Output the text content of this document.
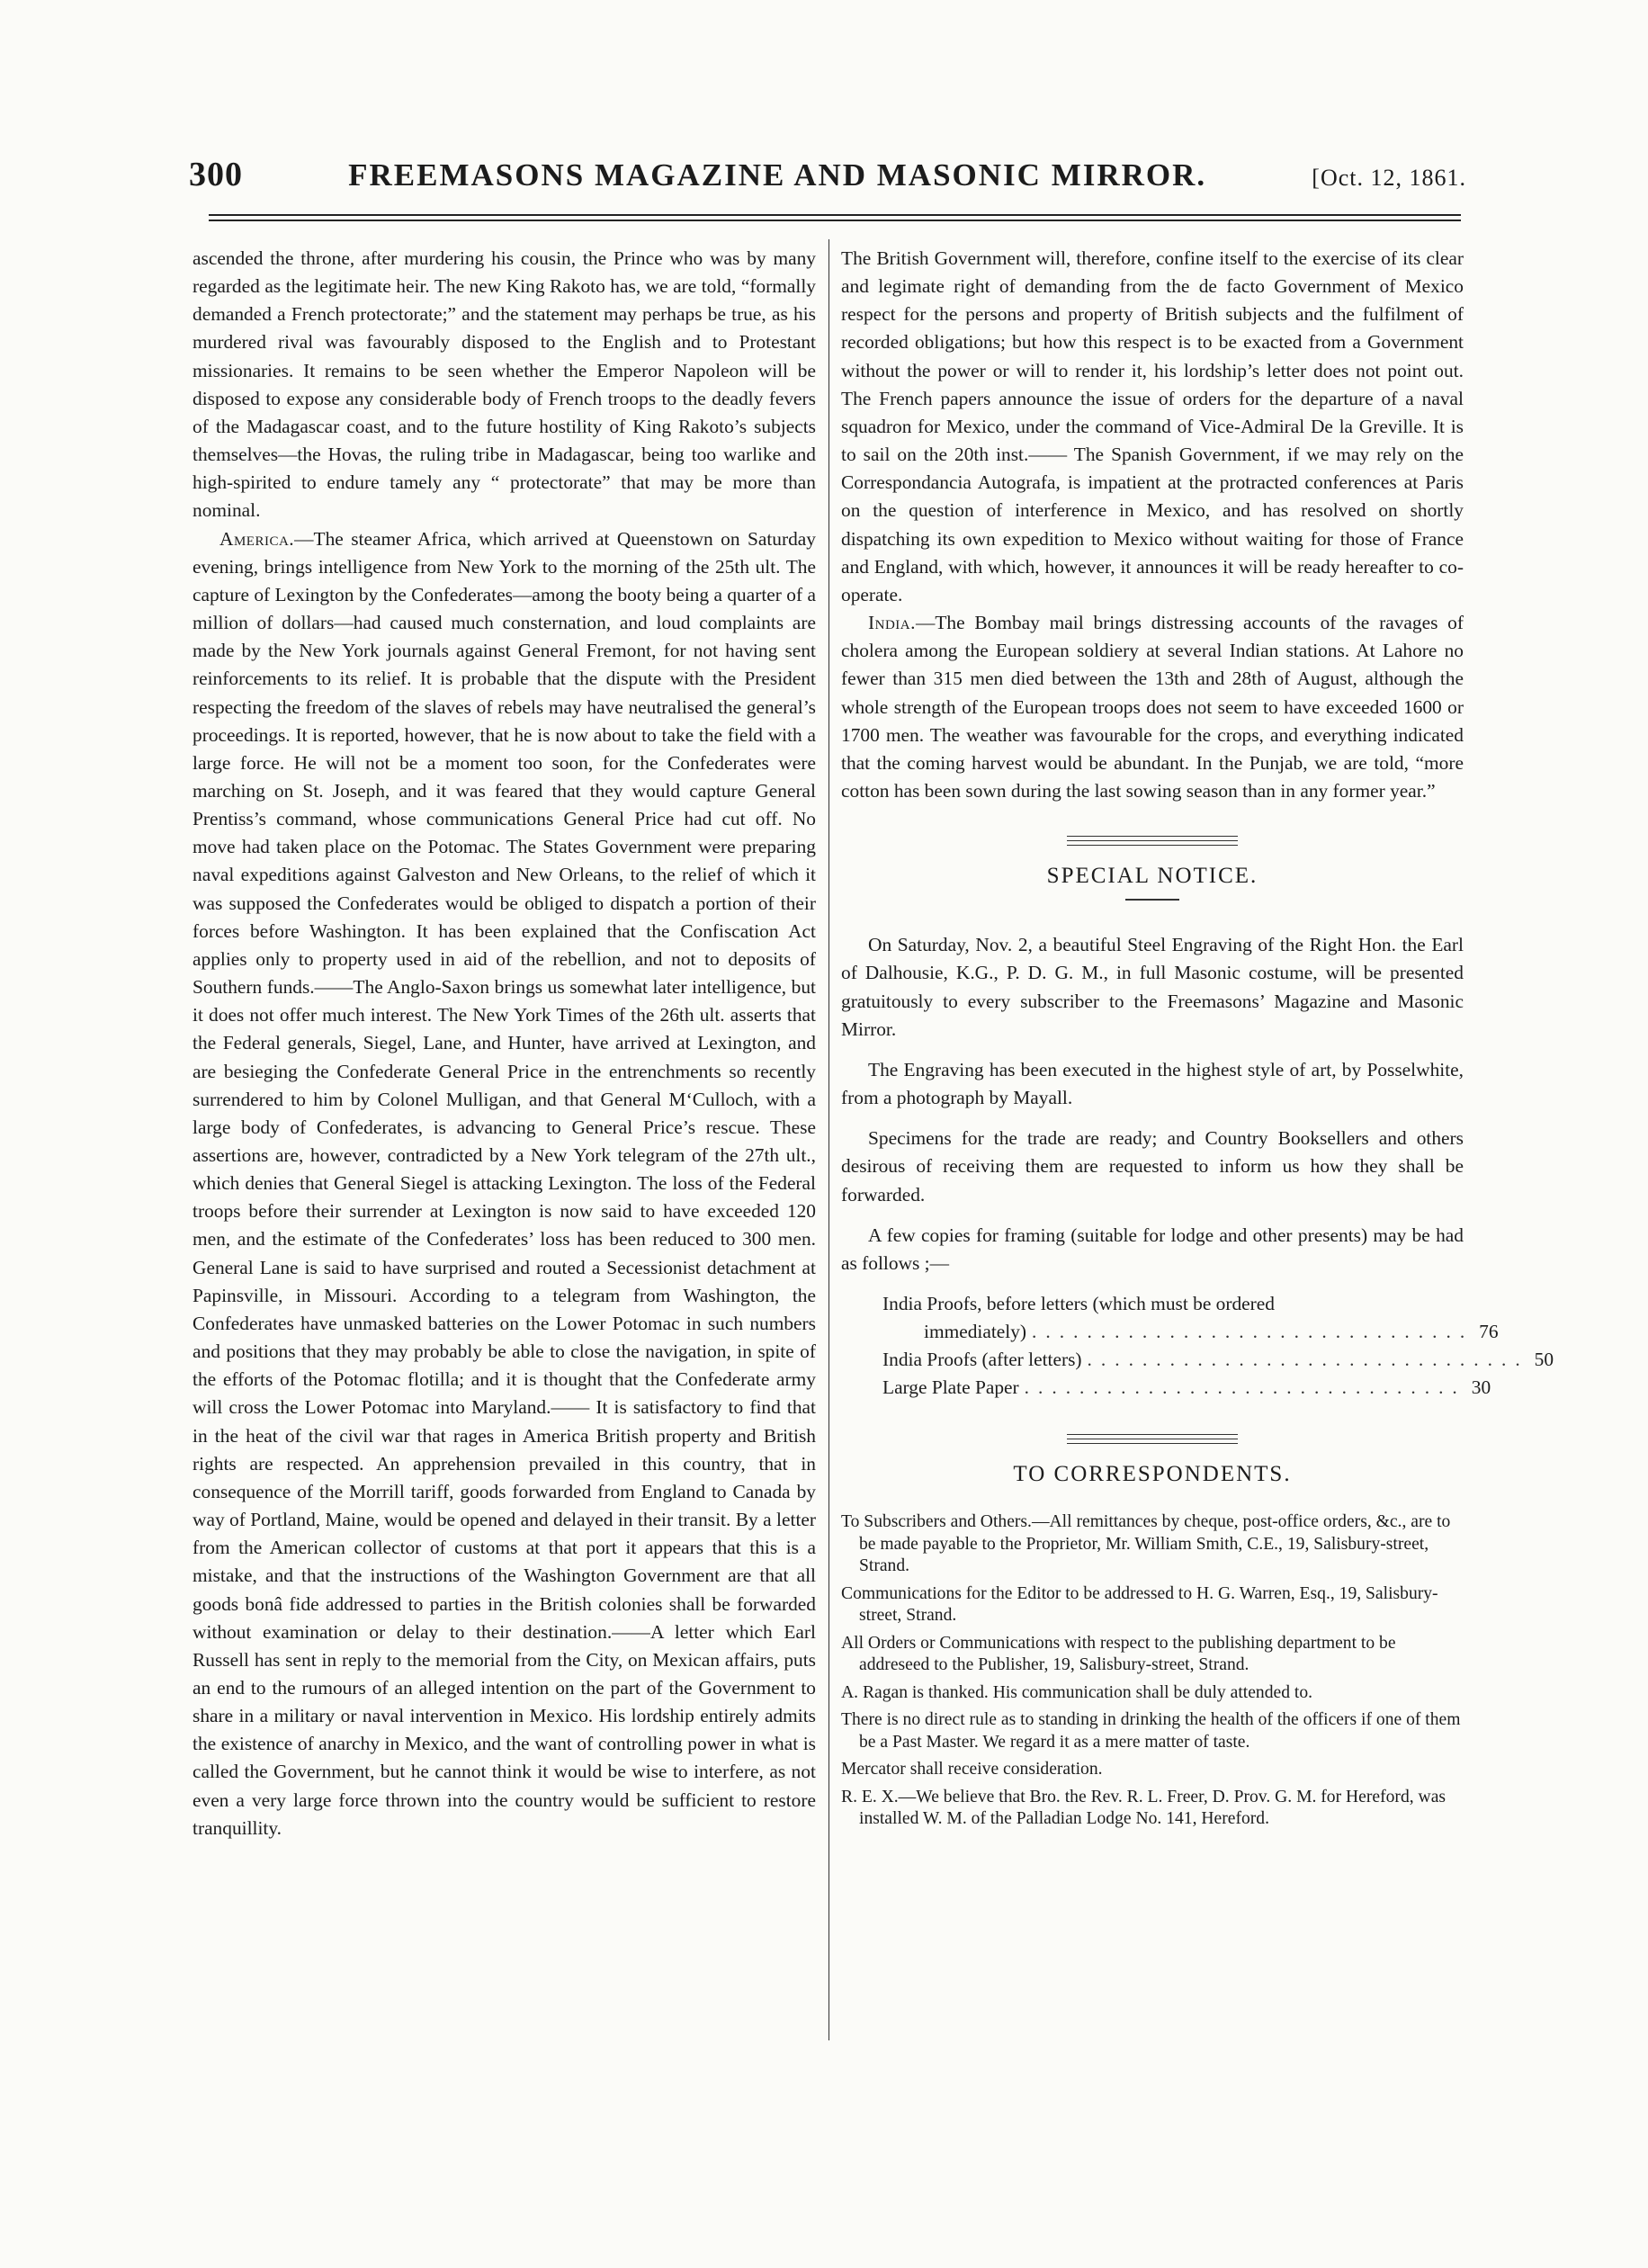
300	FREEMASONS MAGAZINE AND MASONIC MIRROR.	[Oct. 12, 1861.

ascended the throne, after murdering his cousin, the Prince who was by many regarded as the legitimate heir. The new King Rakoto has, we are told, “formally demanded a French protectorate;” and the statement may perhaps be true, as his murdered rival was favourably disposed to the English and to Protestant missionaries. It remains to be seen whether the Emperor Napoleon will be disposed to expose any considerable body of French troops to the deadly fevers of the Madagascar coast, and to the future hostility of King Rakoto’s subjects themselves—the Hovas, the ruling tribe in Madagascar, being too warlike and high-spirited to endure tamely any “ protectorate” that may be more than nominal.

America.—The steamer Africa, which arrived at Queenstown on Saturday evening, brings intelligence from New York to the morning of the 25th ult. The capture of Lexington by the Confederates—among the booty being a quarter of a million of dollars—had caused much consternation, and loud complaints are made by the New York journals against General Fremont, for not having sent reinforcements to its relief. It is probable that the dispute with the President respecting the freedom of the slaves of rebels may have neutralised the general’s proceedings. It is reported, however, that he is now about to take the field with a large force. He will not be a moment too soon, for the Confederates were marching on St. Joseph, and it was feared that they would capture General Prentiss’s command, whose communications General Price had cut off. No move had taken place on the Potomac. The States Government were preparing naval expeditions against Galveston and New Orleans, to the relief of which it was supposed the Confederates would be obliged to dispatch a portion of their forces before Washington. It has been explained that the Confiscation Act applies only to property used in aid of the rebellion, and not to deposits of Southern funds.——The Anglo-Saxon brings us somewhat later intelligence, but it does not offer much interest. The New York Times of the 26th ult. asserts that the Federal generals, Siegel, Lane, and Hunter, have arrived at Lexington, and are besieging the Confederate General Price in the entrenchments so recently surrendered to him by Colonel Mulligan, and that General M‘Culloch, with a large body of Confederates, is advancing to General Price’s rescue. These assertions are, however, contradicted by a New York telegram of the 27th ult., which denies that General Siegel is attacking Lexington. The loss of the Federal troops before their surrender at Lexington is now said to have exceeded 120 men, and the estimate of the Confederates’ loss has been reduced to 300 men. General Lane is said to have surprised and routed a Secessionist detachment at Papinsville, in Missouri. According to a telegram from Washington, the Confederates have unmasked batteries on the Lower Potomac in such numbers and positions that they may probably be able to close the navigation, in spite of the efforts of the Potomac flotilla; and it is thought that the Confederate army will cross the Lower Potomac into Maryland.—— It is satisfactory to find that in the heat of the civil war that rages in America British property and British rights are respected. An apprehension prevailed in this country, that in consequence of the Morrill tariff, goods forwarded from England to Canada by way of Portland, Maine, would be opened and delayed in their transit. By a letter from the American collector of customs at that port it appears that this is a mistake, and that the instructions of the Washington Government are that all goods bonâ fide addressed to parties in the British colonies shall be forwarded without examination or delay to their destination.——A letter which Earl Russell has sent in reply to the memorial from the City, on Mexican affairs, puts an end to the rumours of an alleged intention on the part of the Government to share in a military or naval intervention in Mexico. His lordship entirely admits the existence of anarchy in Mexico, and the want of controlling power in what is called the Government, but he cannot think it would be wise to interfere, as not even a very large force thrown into the country would be sufficient to restore tranquillity.

The British Government will, therefore, confine itself to the exercise of its clear and legimate right of demanding from the de facto Government of Mexico respect for the persons and property of British subjects and the fulfilment of recorded obligations; but how this respect is to be exacted from a Government without the power or will to render it, his lordship’s letter does not point out. The French papers announce the issue of orders for the departure of a naval squadron for Mexico, under the command of Vice-Admiral De la Greville. It is to sail on the 20th inst.—— The Spanish Government, if we may rely on the Correspondancia Autografa, is impatient at the protracted conferences at Paris on the question of interference in Mexico, and has resolved on shortly dispatching its own expedition to Mexico without waiting for those of France and England, with which, however, it announces it will be ready hereafter to co-operate.

India.—The Bombay mail brings distressing accounts of the ravages of cholera among the European soldiery at several Indian stations. At Lahore no fewer than 315 men died between the 13th and 28th of August, although the whole strength of the European troops does not seem to have exceeded 1600 or 1700 men. The weather was favourable for the crops, and everything indicated that the coming harvest would be abundant. In the Punjab, we are told, “more cotton has been sown during the last sowing season than in any former year.”

SPECIAL NOTICE.

On Saturday, Nov. 2, a beautiful Steel Engraving of the Right Hon. the Earl of Dalhousie, K.G., P. D. G. M., in full Masonic costume, will be presented gratuitously to every subscriber to the Freemasons’ Magazine and Masonic Mirror.

The Engraving has been executed in the highest style of art, by Posselwhite, from a photograph by Mayall.

Specimens for the trade are ready; and Country Booksellers and others desirous of receiving them are requested to inform us how they shall be forwarded.

A few copies for framing (suitable for lodge and other presents) may be had as follows ;—

India Proofs, before letters (which must be ordered
immediately) ................................ 7 6
India Proofs (after letters) ................................ 5 0
Large Plate Paper ................................ 3 0
TO CORRESPONDENTS.

To Subscribers and Others.—All remittances by cheque, post-office orders, &c., are to be made payable to the Proprietor, Mr. William Smith, C.E., 19, Salisbury-street, Strand.

Communications for the Editor to be addressed to H. G. Warren, Esq., 19, Salisbury-street, Strand.

All Orders or Communications with respect to the publishing department to be addreseed to the Publisher, 19, Salisbury-street, Strand.

A. Ragan is thanked. His communication shall be duly attended to.

There is no direct rule as to standing in drinking the health of the officers if one of them be a Past Master. We regard it as a mere matter of taste.

Mercator shall receive consideration.

R. E. X.—We believe that Bro. the Rev. R. L. Freer, D. Prov. G. M. for Hereford, was installed W. M. of the Palladian Lodge No. 141, Hereford.
